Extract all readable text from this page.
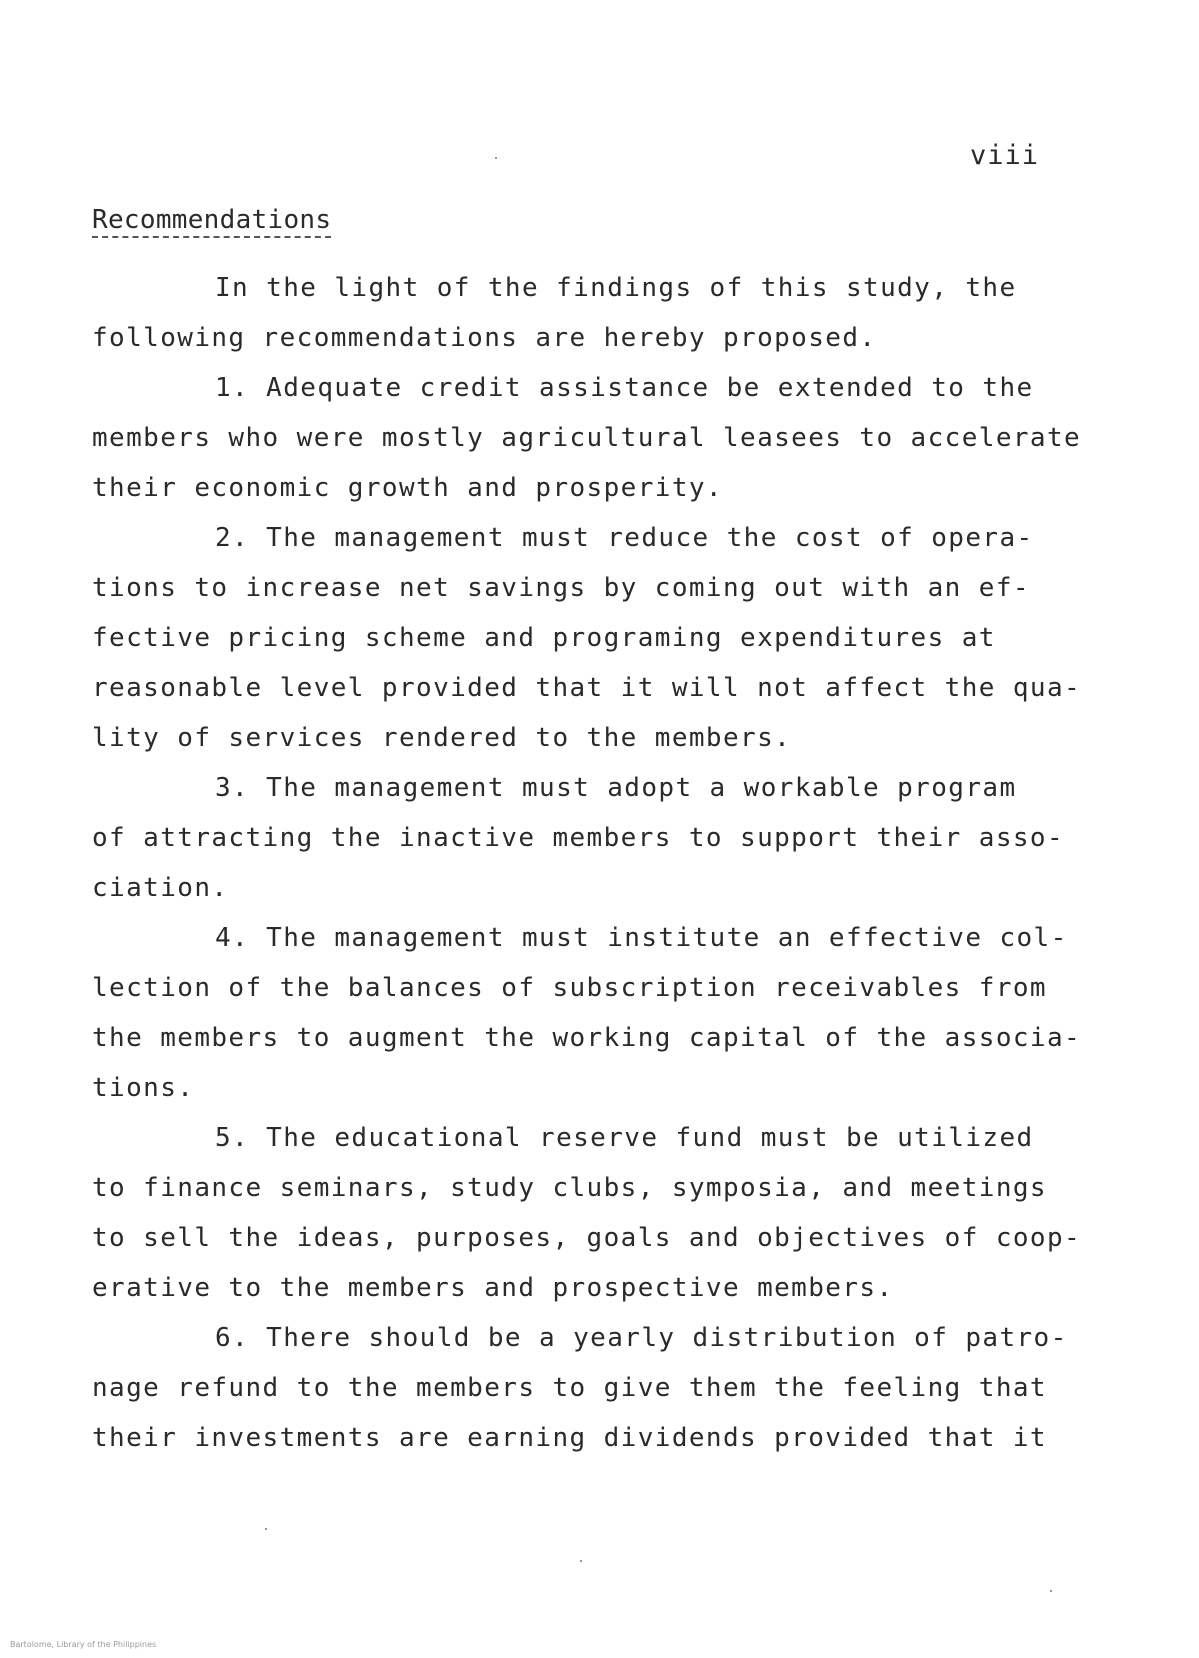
viii
Recommendations
In the light of the findings of this study, the
following recommendations are hereby proposed.
1. Adequate credit assistance be extended to the
members who were mostly agricultural leasees to accelerate
their economic growth and prosperity.
2. The management must reduce the cost of opera-
tions to increase net savings by coming out with an ef-
fective pricing scheme and programing expenditures at
reasonable level provided that it will not affect the qua-
lity of services rendered to the members.
3. The management must adopt a workable program
of attracting the inactive members to support their asso-
ciation.
4. The management must institute an effective col-
lection of the balances of subscription receivables from
the members to augment the working capital of the associa-
tions.
5. The educational reserve fund must be utilized
to finance seminars, study clubs, symposia, and meetings
to sell the ideas, purposes, goals and objectives of coop-
erative to the members and prospective members.
6. There should be a yearly distribution of patro-
nage refund to the members to give them the feeling that
their investments are earning dividends provided that it
Bartolome, Library of the Philippines
